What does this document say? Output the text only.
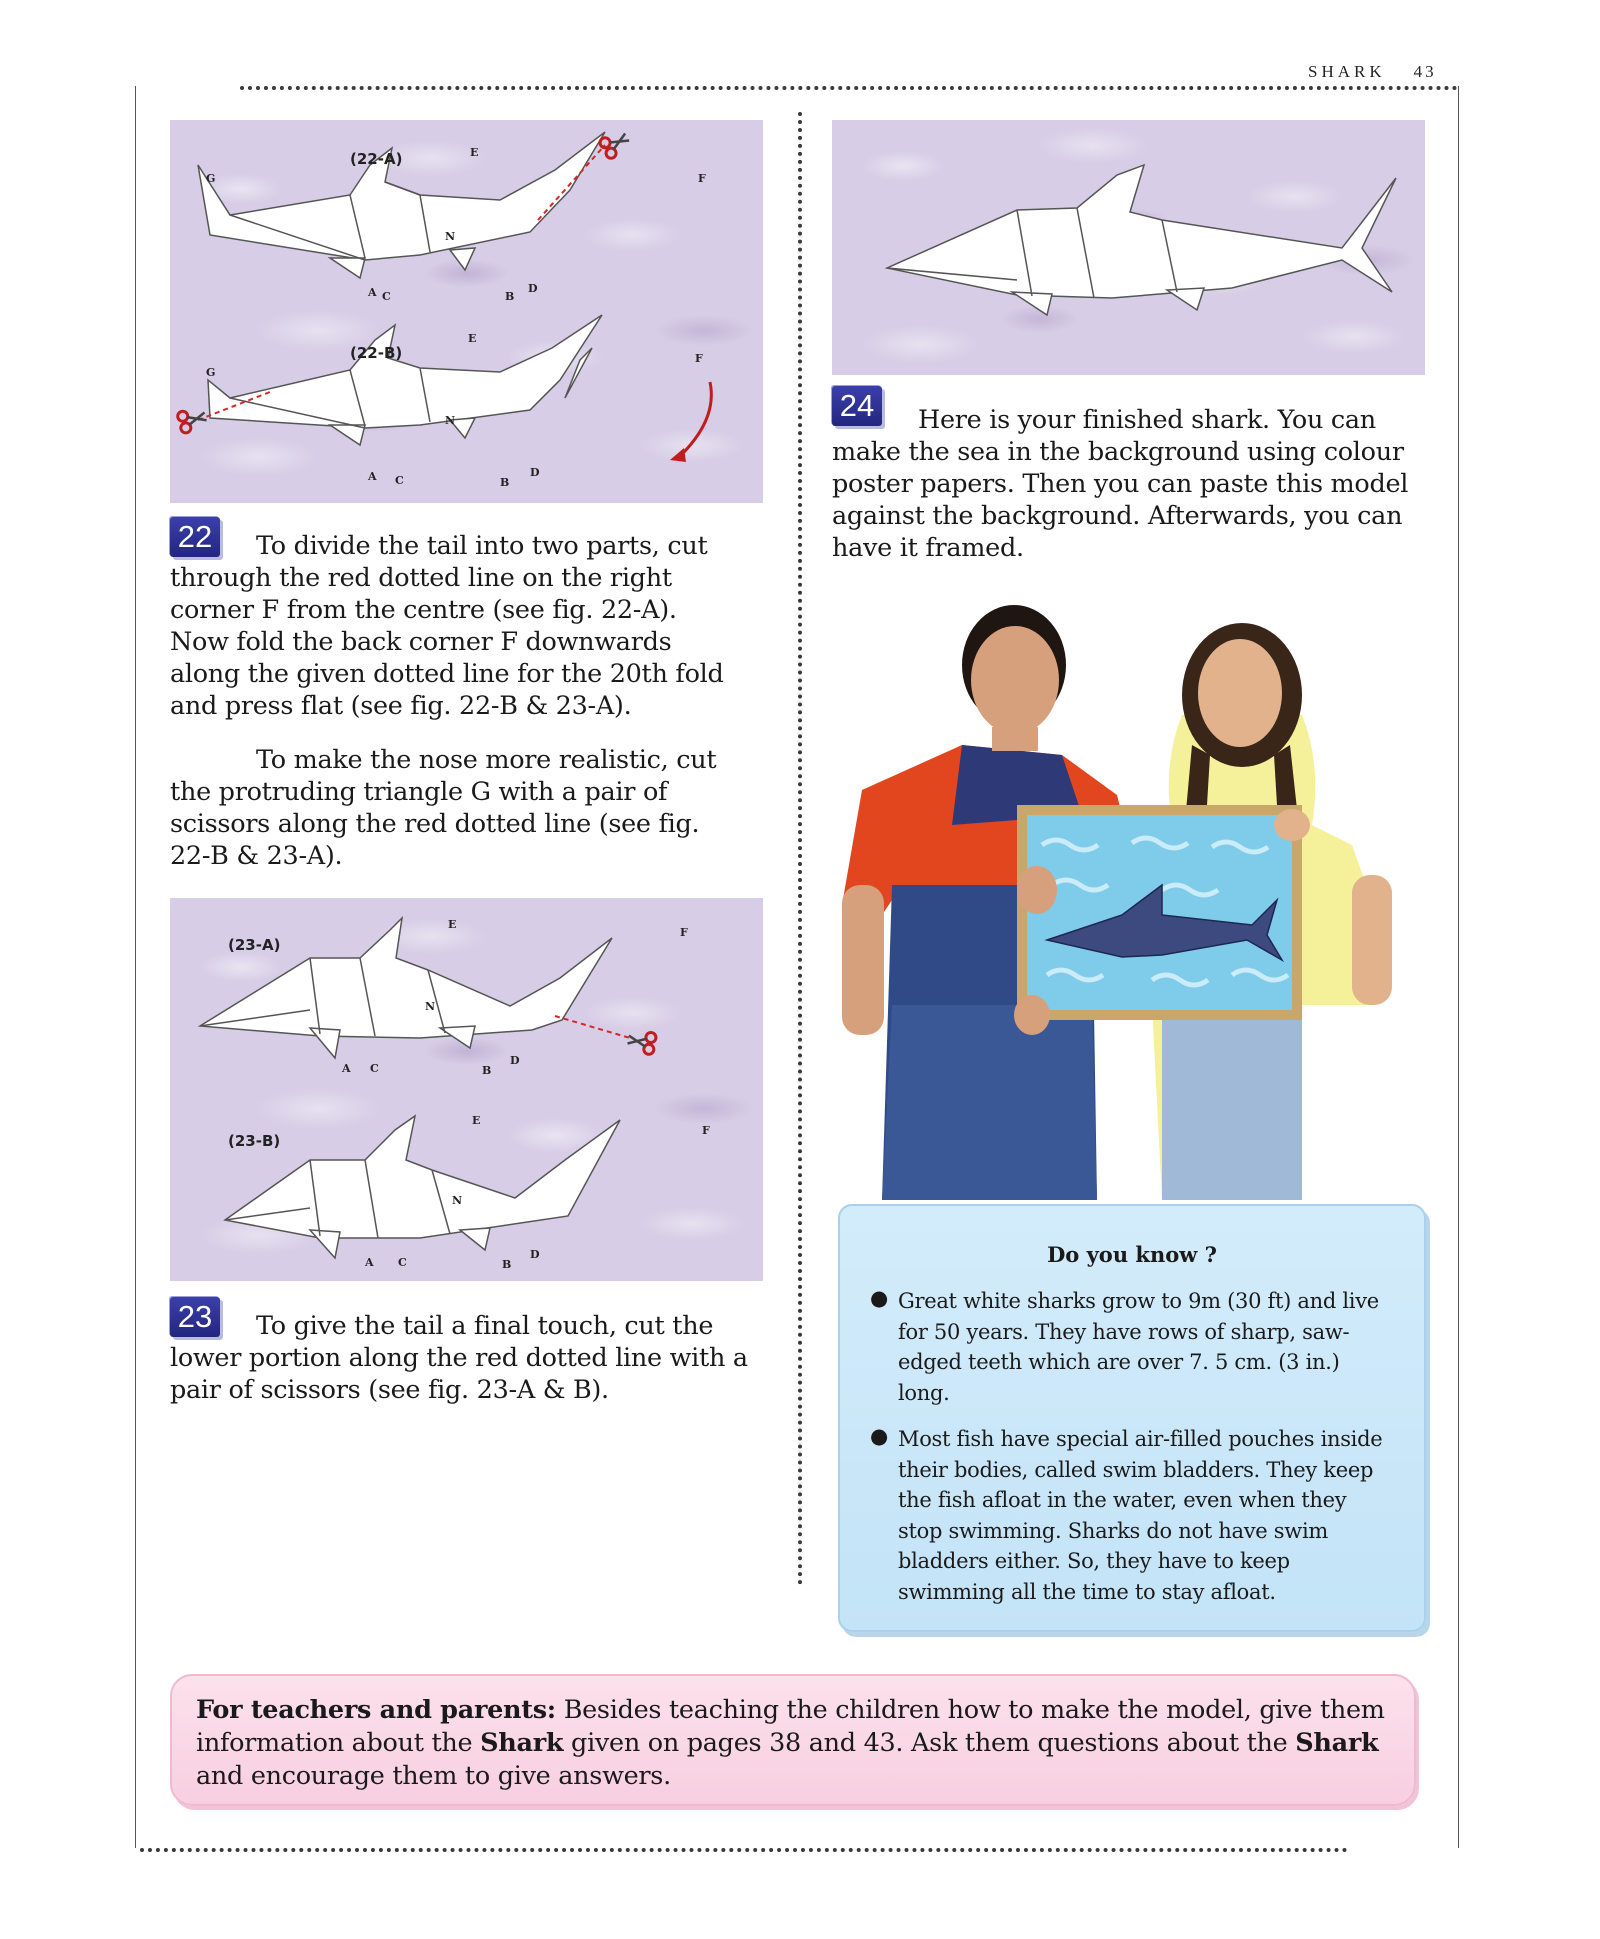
SHARK 43
(22-A)
G
E
F
N
A C	B
D
(22-B)
G
E
F
N
A C	B
D
22	To divide the tail into two parts, cut through the red dotted line on the right corner F from the centre (see fig. 22-A). Now fold the back corner F downwards along the given dotted line for the 20th fold and press flat (see fig. 22-B & 23-A).
To make the nose more realistic, cut the protruding triangle G with a pair of scissors along the red dotted line (see fig. 22-B & 23-A).
(23-A)
E
F
N
A C	B
D
(23-B)
E
F
N
A C	B
D
23	To give the tail a final touch, cut the lower portion along the red dotted line with a pair of scissors (see fig. 23-A & B).
24	Here is your finished shark. You can make the sea in the background using colour poster papers. Then you can paste this model against the background. Afterwards, you can have it framed.
Do you know ?
● Great white sharks grow to 9m (30 ft) and live for 50 years. They have rows of sharp, saw-edged teeth which are over 7. 5 cm. (3 in.) long.
● Most fish have special air-filled pouches inside their bodies, called swim bladders. They keep the fish afloat in the water, even when they stop swimming. Sharks do not have swim bladders either. So, they have to keep swimming all the time to stay afloat.
For teachers and parents: Besides teaching the children how to make the model, give them information about the Shark given on pages 38 and 43. Ask them questions about the Shark and encourage them to give answers.
